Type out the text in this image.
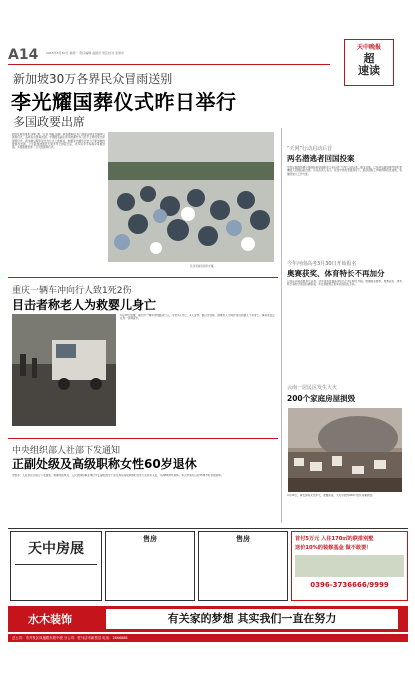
A14	2015年3月30日 星期一 责任编辑 赵振田 责任校对 张智华
天中晚报
超
速读
新加坡30万各界民众冒雨送别
李光耀国葬仪式昨日举行
多国政要出席
新华社新加坡3月29日电（记者 刘磊 张越）新加坡29日为已故前总理李光耀举行国葬仪式，各界民众冒雨送别。中国国家副主席李源潮作为习近平主席特使出席国葬仪式。新加坡总理李显龙在仪式上致悼词，称赞李光耀毕生致力于新加坡的建国与发展。上午新加坡国会大厦外早已排起长队，许多民众手持雨伞等候送别。多国政要出席了当天的国葬仪式。
民众冒雨送别李光耀。
“天网”行动启动后首
两名潜逃者回国投案
中央反腐败协调小组国际追逃追赃办公室启动“天网”行动以来，截至目前，已有两名潜逃境外的犯罪嫌疑人回国投案自首。有关负责人表示，在党中央的坚强领导下，追逃追赃工作取得阶段性成效，将继续加大工作力度。
今年河南高考3月30日开始报名
奥赛获奖、体育特长不再加分
记者从河南省教育厅获悉，今年我省普通高考报名于3月30日开始。根据国家要求，奥赛获奖、体育特长等加分项目将被取消，考生须按规定时间完成报名手续。
云南一居民区发生大火
200个家庭房屋损毁
3月29日，事发现场火光冲天，浓烟滚滚，大火导致约200户居民房屋损毁。
重庆一辆车冲向行人致1死2伤
目击者称老人为救婴儿身亡
3月28日傍晚，重庆市一辆车冲向路边行人，导致1人死亡，2人受伤。据目击者称，遇难老人为保护身边的婴儿不幸身亡。事故原因正在进一步调查中。
中央组织部人社部下发通知
正副处级及高级职称女性60岁退休
中组部、人社部近日联合下发通知，明确党政机关、人民团体和事业单位中正副处级女干部及具有高级职称的女性专业技术人员，年满60周岁退休。本人申请可以在55周岁时自愿退休。
天中房展
售房	售房	首付5万元 入住170㎡的联排别墅
送价10%的装修基金 做不敢要！
0396-3736666/9999
水木装饰	有关家的梦想 其实我们一直在努力
总公司：市开发区凤凰路东段中段 分公司：驻马店市新蔡县 电话：2666888
